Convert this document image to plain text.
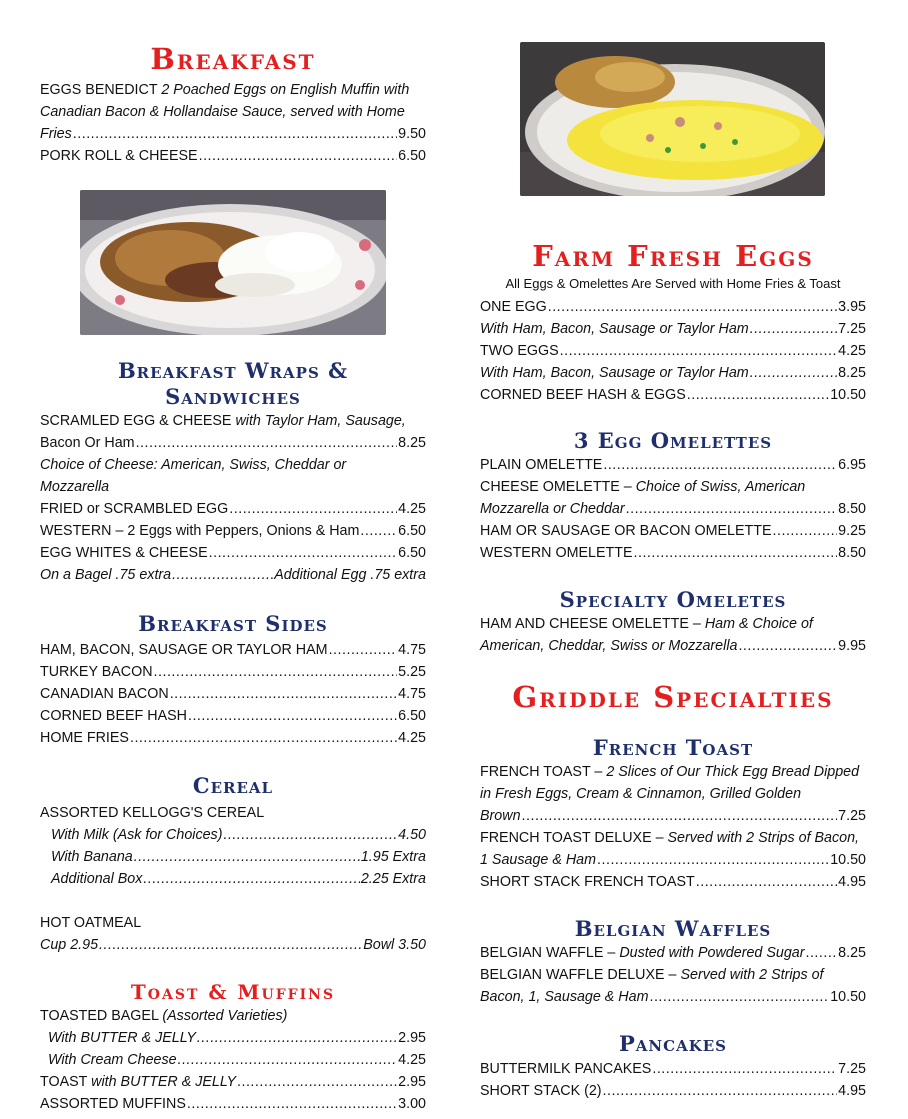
Breakfast
EGGS BENEDICT 2 Poached Eggs on English Muffin with
Canadian Bacon & Hollandaise Sauce, served with Home
Fries .....	9.50
PORK ROLL & CHEESE .....	6.50
Breakfast Wraps &
Sandwiches
SCRAMLED EGG & CHEESE with Taylor Ham, Sausage,
Bacon Or Ham .....	8.25
Choice of Cheese: American, Swiss, Cheddar or
Mozzarella
FRIED or SCRAMBLED EGG .....	4.25
WESTERN – 2 Eggs with Peppers, Onions & Ham .....	6.50
EGG WHITES & CHEESE .....	6.50
On a Bagel .75 extra .....	Additional Egg .75 extra
Breakfast Sides
HAM, BACON, SAUSAGE OR TAYLOR HAM .....	4.75
TURKEY BACON .....	5.25
CANADIAN BACON .....	4.75
CORNED BEEF HASH .....	6.50
HOME FRIES .....	4.25
Cereal
ASSORTED KELLOGG'S CEREAL
With Milk (Ask for Choices) .....	4.50
With Banana .....	1.95 Extra
Additional Box .....	2.25 Extra
HOT OATMEAL
Cup 2.95 .....	Bowl 3.50
Toast & Muffins
TOASTED BAGEL (Assorted Varieties)
With BUTTER & JELLY .....	2.95
With Cream Cheese .....	4.25
TOAST with BUTTER & JELLY .....	2.95
ASSORTED MUFFINS .....	3.00
Farm Fresh Eggs
All Eggs & Omelettes Are Served with Home Fries & Toast
ONE EGG .....	3.95
With Ham, Bacon, Sausage or Taylor Ham .....	7.25
TWO EGGS .....	4.25
With Ham, Bacon, Sausage or Taylor Ham .....	8.25
CORNED BEEF HASH & EGGS .....	10.50
3 Egg Omelettes
PLAIN OMELETTE .....	6.95
CHEESE OMELETTE – Choice of Swiss, American
Mozzarella or Cheddar .....	8.50
HAM OR SAUSAGE OR BACON OMELETTE .....	9.25
WESTERN OMELETTE .....	8.50
Specialty Omeletes
HAM AND CHEESE OMELETTE – Ham & Choice of
American, Cheddar, Swiss or Mozzarella .....	9.95
Griddle Specialties
French Toast
FRENCH TOAST – 2 Slices of Our Thick Egg Bread Dipped
in Fresh Eggs, Cream & Cinnamon, Grilled Golden
Brown .....	7.25
FRENCH TOAST DELUXE – Served with 2 Strips of Bacon,
1 Sausage & Ham .....	10.50
SHORT STACK FRENCH TOAST .....	4.95
Belgian Waffles
BELGIAN WAFFLE – Dusted with Powdered Sugar ..... 8.25
BELGIAN WAFFLE DELUXE – Served with 2 Strips of
Bacon, 1, Sausage & Ham .....	10.50
Pancakes
BUTTERMILK PANCAKES .....	7.25
SHORT STACK (2) .....	4.95
